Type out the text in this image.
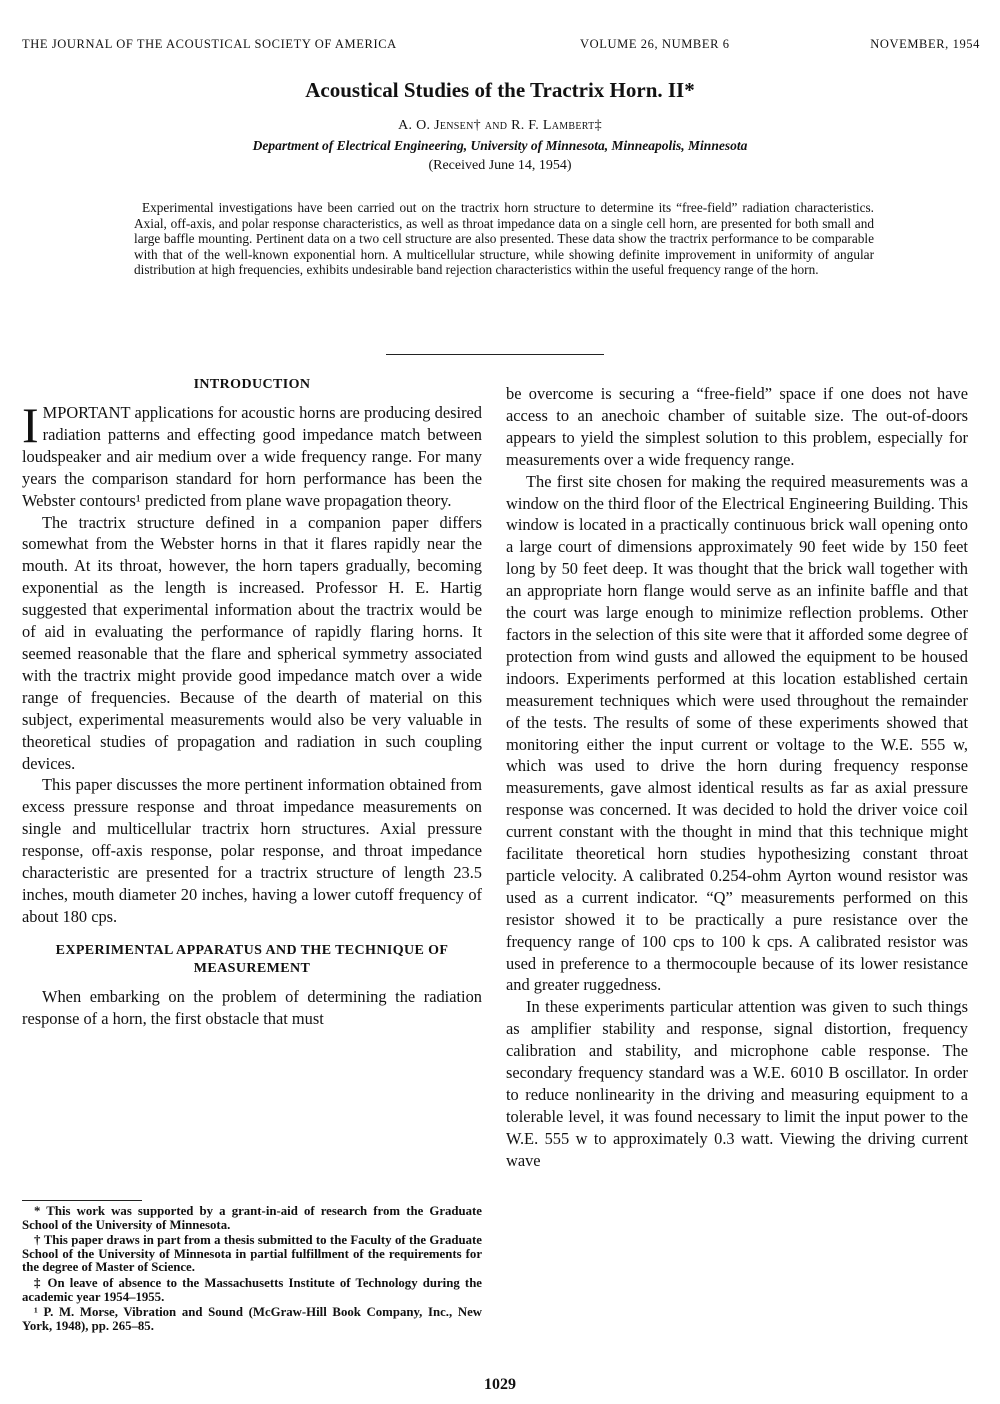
THE JOURNAL OF THE ACOUSTICAL SOCIETY OF AMERICA	VOLUME 26, NUMBER 6	NOVEMBER, 1954
Acoustical Studies of the Tractrix Horn. II*
A. O. Jensen† and R. F. Lambert‡
Department of Electrical Engineering, University of Minnesota, Minneapolis, Minnesota
(Received June 14, 1954)
Experimental investigations have been carried out on the tractrix horn structure to determine its “free-field” radiation characteristics. Axial, off-axis, and polar response characteristics, as well as throat impedance data on a single cell horn, are presented for both small and large baffle mounting. Pertinent data on a two cell structure are also presented. These data show the tractrix performance to be comparable with that of the well-known exponential horn. A multicellular structure, while showing definite improvement in uniformity of angular distribution at high frequencies, exhibits undesirable band rejection characteristics within the useful frequency range of the horn.
INTRODUCTION

IMPORTANT applications for acoustic horns are producing desired radiation patterns and effecting good impedance match between loudspeaker and air medium over a wide frequency range. For many years the comparison standard for horn performance has been the Webster contours¹ predicted from plane wave propagation theory.

The tractrix structure defined in a companion paper differs somewhat from the Webster horns in that it flares rapidly near the mouth. At its throat, however, the horn tapers gradually, becoming exponential as the length is increased. Professor H. E. Hartig suggested that experimental information about the tractrix would be of aid in evaluating the performance of rapidly flaring horns. It seemed reasonable that the flare and spherical symmetry associated with the tractrix might provide good impedance match over a wide range of frequencies. Because of the dearth of material on this subject, experimental measurements would also be very valuable in theoretical studies of propagation and radiation in such coupling devices.

This paper discusses the more pertinent information obtained from excess pressure response and throat impedance measurements on single and multicellular tractrix horn structures. Axial pressure response, off-axis response, polar response, and throat impedance characteristic are presented for a tractrix structure of length 23.5 inches, mouth diameter 20 inches, having a lower cutoff frequency of about 180 cps.

EXPERIMENTAL APPARATUS AND THE TECHNIQUE OF MEASUREMENT

When embarking on the problem of determining the radiation response of a horn, the first obstacle that must

* This work was supported by a grant-in-aid of research from the Graduate School of the University of Minnesota.

† This paper draws in part from a thesis submitted to the Faculty of the Graduate School of the University of Minnesota in partial fulfillment of the requirements for the degree of Master of Science.

‡ On leave of absence to the Massachusetts Institute of Technology during the academic year 1954–1955.

¹ P. M. Morse, Vibration and Sound (McGraw-Hill Book Company, Inc., New York, 1948), pp. 265–85.

be overcome is securing a “free-field” space if one does not have access to an anechoic chamber of suitable size. The out-of-doors appears to yield the simplest solution to this problem, especially for measurements over a wide frequency range.

The first site chosen for making the required measurements was a window on the third floor of the Electrical Engineering Building. This window is located in a practically continuous brick wall opening onto a large court of dimensions approximately 90 feet wide by 150 feet long by 50 feet deep. It was thought that the brick wall together with an appropriate horn flange would serve as an infinite baffle and that the court was large enough to minimize reflection problems. Other factors in the selection of this site were that it afforded some degree of protection from wind gusts and allowed the equipment to be housed indoors. Experiments performed at this location established certain measurement techniques which were used throughout the remainder of the tests. The results of some of these experiments showed that monitoring either the input current or voltage to the W.E. 555 w, which was used to drive the horn during frequency response measurements, gave almost identical results as far as axial pressure response was concerned. It was decided to hold the driver voice coil current constant with the thought in mind that this technique might facilitate theoretical horn studies hypothesizing constant throat particle velocity. A calibrated 0.254-ohm Ayrton wound resistor was used as a current indicator. “Q” measurements performed on this resistor showed it to be practically a pure resistance over the frequency range of 100 cps to 100 k cps. A calibrated resistor was used in preference to a thermocouple because of its lower resistance and greater ruggedness.

In these experiments particular attention was given to such things as amplifier stability and response, signal distortion, frequency calibration and stability, and microphone cable response. The secondary frequency standard was a W.E. 6010 B oscillator. In order to reduce nonlinearity in the driving and measuring equipment to a tolerable level, it was found necessary to limit the input power to the W.E. 555 w to approximately 0.3 watt. Viewing the driving current wave

1029
